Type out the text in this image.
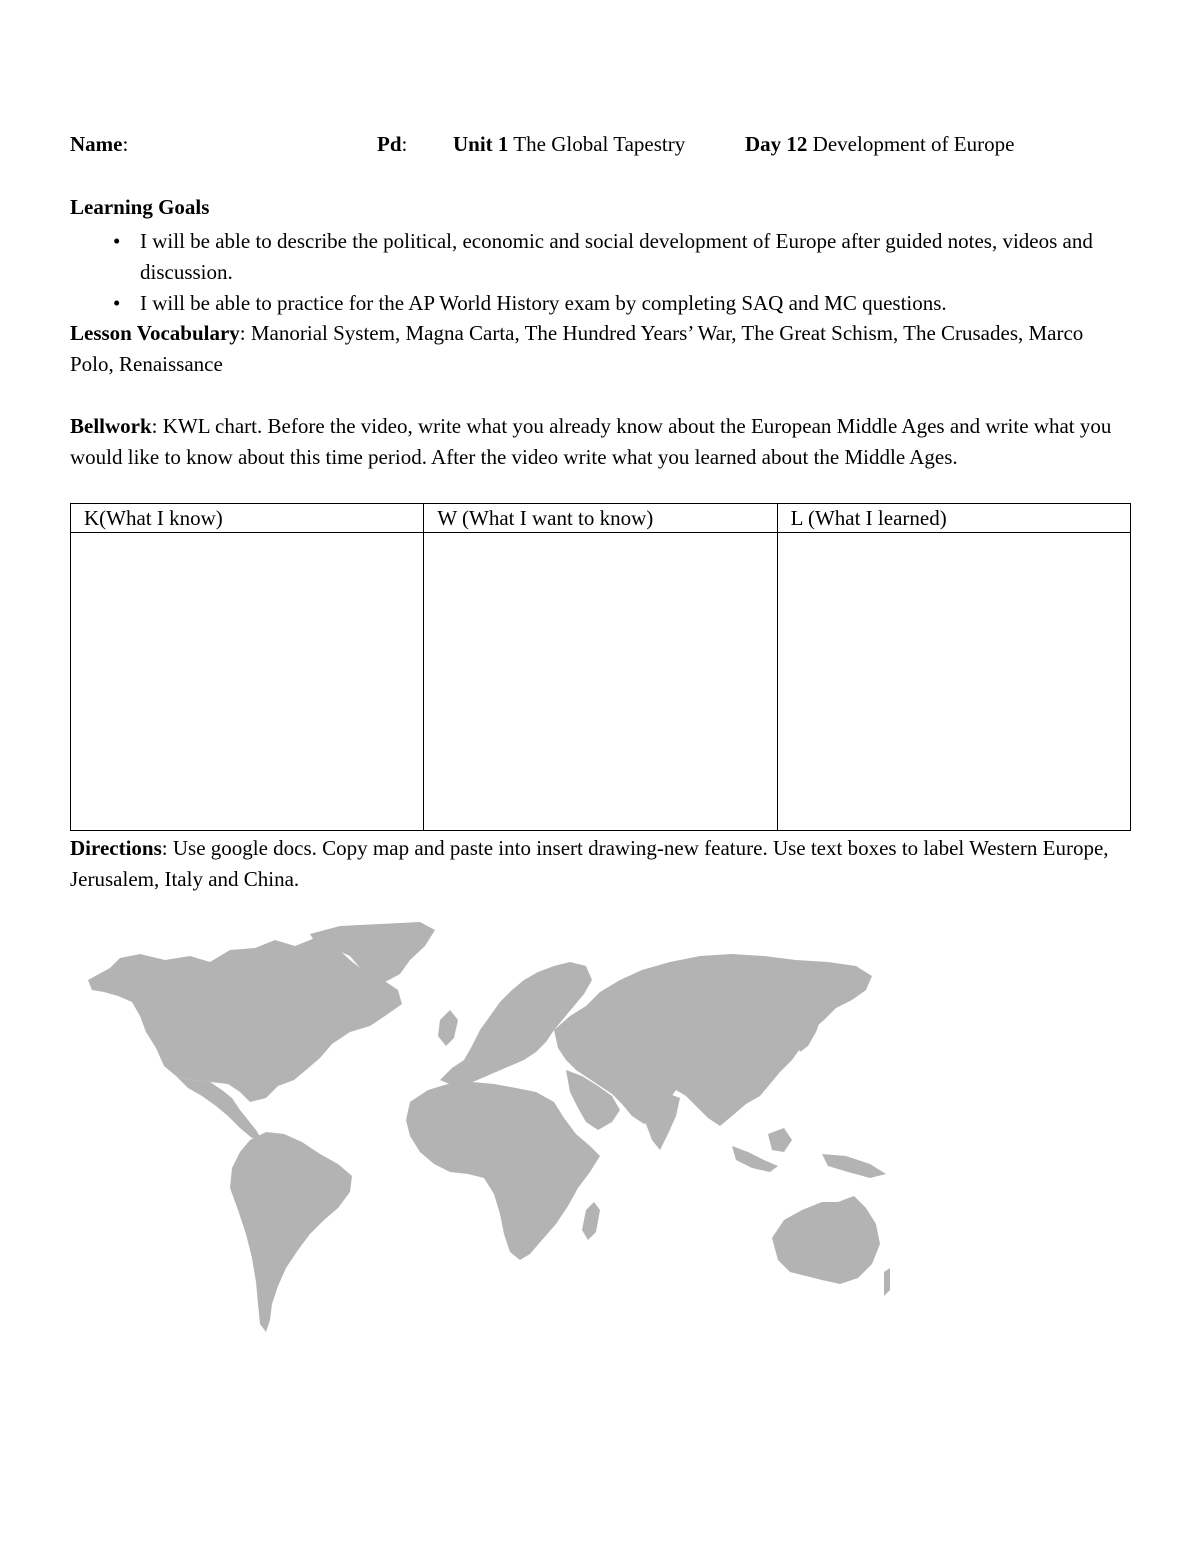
Name:	Pd: Unit 1 The Global Tapestry	Day 12 Development of Europe
Learning Goals
• I will be able to describe the political, economic and social development of Europe after guided notes, videos and discussion.
• I will be able to practice for the AP World History exam by completing SAQ and MC questions.

Lesson Vocabulary: Manorial System, Magna Carta, The Hundred Years’ War, The Great Schism, The Crusades, Marco Polo, Renaissance

Bellwork: KWL chart. Before the video, write what you already know about the European Middle Ages and write what you would like to know about this time period. After the video write what you learned about the Middle Ages.

K(What I know)	W (What I want to know)	L (What I learned)

Directions: Use google docs. Copy map and paste into insert drawing-new feature. Use text boxes to label Western Europe, Jerusalem, Italy and China.
